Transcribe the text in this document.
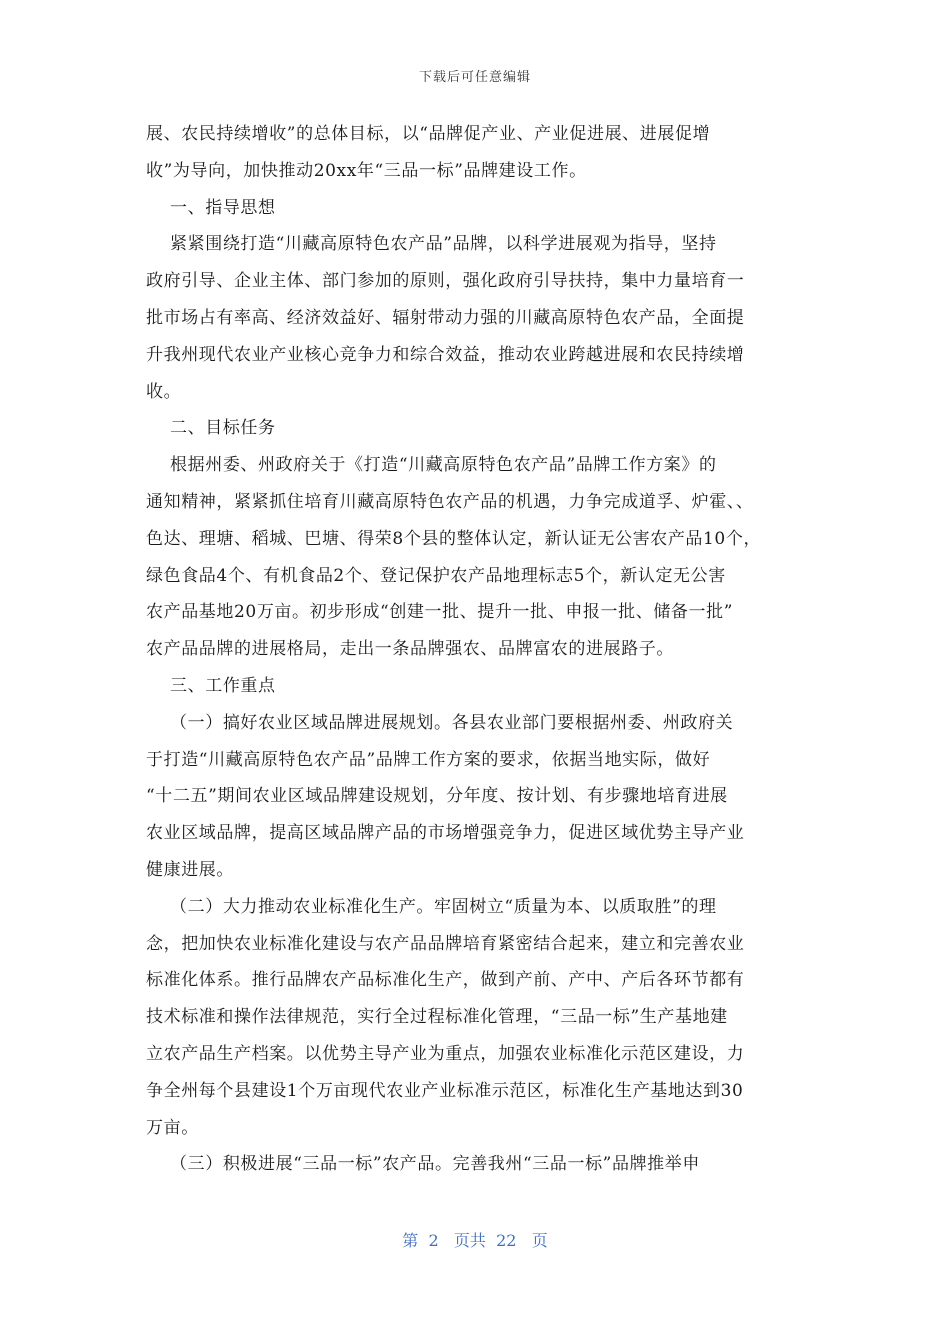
下载后可任意编辑

展、农民持续增收”的总体目标，以“品牌促产业、产业促进展、进展促增
收”为导向，加快推动20xx年“三品一标”品牌建设工作。

一、指导思想

紧紧围绕打造“川藏高原特色农产品”品牌，以科学进展观为指导，坚持
政府引导、企业主体、部门参加的原则，强化政府引导扶持，集中力量培育一
批市场占有率高、经济效益好、辐射带动力强的川藏高原特色农产品，全面提
升我州现代农业产业核心竞争力和综合效益，推动农业跨越进展和农民持续增
收。

二、目标任务

根据州委、州政府关于《打造“川藏高原特色农产品”品牌工作方案》的
通知精神，紧紧抓住培育川藏高原特色农产品的机遇，力争完成道孚、炉霍、、
色达、理塘、稻城、巴塘、得荣8个县的整体认定，新认证无公害农产品10个，
绿色食品4个、有机食品2个、登记保护农产品地理标志5个，新认定无公害
农产品基地20万亩。初步形成“创建一批、提升一批、申报一批、储备一批”
农产品品牌的进展格局，走出一条品牌强农、品牌富农的进展路子。

三、工作重点

（一）搞好农业区域品牌进展规划。各县农业部门要根据州委、州政府关
于打造“川藏高原特色农产品”品牌工作方案的要求，依据当地实际，做好
“十二五”期间农业区域品牌建设规划，分年度、按计划、有步骤地培育进展
农业区域品牌，提高区域品牌产品的市场增强竞争力，促进区域优势主导产业
健康进展。

（二）大力推动农业标准化生产。牢固树立“质量为本、以质取胜”的理
念，把加快农业标准化建设与农产品品牌培育紧密结合起来，建立和完善农业
标准化体系。推行品牌农产品标准化生产，做到产前、产中、产后各环节都有
技术标准和操作法律规范，实行全过程标准化管理，“三品一标”生产基地建
立农产品生产档案。以优势主导产业为重点，加强农业标准化示范区建设，力
争全州每个县建设1个万亩现代农业产业标准示范区，标准化生产基地达到30
万亩。

（三）积极进展“三品一标”农产品。完善我州“三品一标”品牌推举申

第  2   页共  22   页
